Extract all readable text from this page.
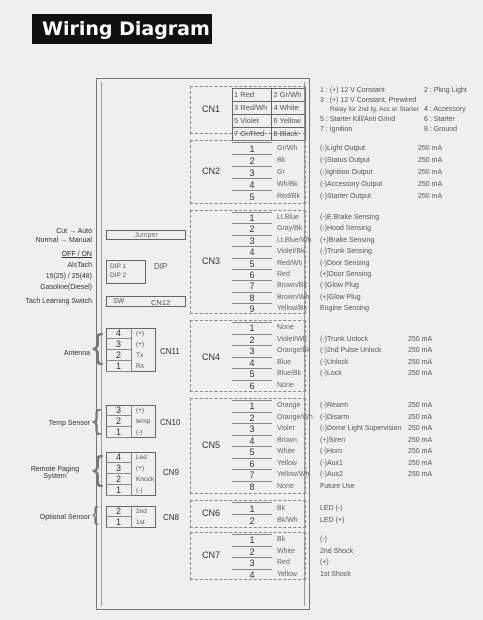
Wiring Diagram
CN1
1 Red	2 Gr/Wh
3 Red/Wh	4 White
5 Violet	6 Yellow
7 Gr/Red	8 Black
1 : (+) 12 V Constant	2 : Pkng Light
3 : (+) 12 V Constant, Prewired
Relay for 2nd Ig, Acc or Starter 4 : Accessory
5 : Starter Kill/Anti Grind	6 : Starter
7 : Ignition	8 : Ground
CN2
1	Gr/Wh	(-)Light Output	250 mA
2	Bk	(-)Status Output	250 mA
3	Gr	(-)Ignition Output	250 mA
4	Wh/Bk	(-)Accessory Output	250 mA
5	Red/Bk	(-)Starter Output	250 mA
CN3
1	Lt.Blue	(-)E.Brake Sensing
2	Gray/Bk	(-)Hood Sensing
3	Lt.Blue/Wh (+)Brake Sensing
4	Violet/Bk (-)Trunk Sensing
5	Red/Wh	(-)Door Sensing
6	Red	(+)Door Sensing
7	Brown/Bk (-)Glow Plug
8	Brown/Wh (+)Glow Plug
9	Yellow/Bk Engine Sensing
CN4
1	None
2	Violet/Wh (-)Trunk Unlock	250 mA
3	Orange/Bk (-)2nd Pulse Unlock	250 mA
4	Blue	(-)Unlock	250 mA
5	Blue/Bk	(-)Lock	250 mA
6	None
CN5
1	Orange	(-)Rearm	250 mA
2	Orange/Wh (-)Disarm	250 mA
3	Violet	(-)Dome Light Supervision 250 mA
4	Brown	(+)Siren	250 mA
5	White	(-)Horn	250 mA
6	Yellow	(-)Aux1	250 mA
7	Yellow/Wh (-)Aux2	250 mA
8	None	Future Use
CN6	1	Bk	LED (-)
2	Bk/Wh	LED (+)
CN7
1	Bk	(-)
2	White	2nd Shock
3	Red	(+)
4	Yellow	1st Shock
Cut → Auto
Normal → Manual
Jumper
OFF / ON
AlsTach
15(25) / 25(48)
Gasoline(Diesel)
DIP 1
DIP 2
DIP
Tach Learning Switch	SW	CN12
Antenna
4	(+)
3	(+)
2	Tx
1	Rx
CN11
Temp Sensor
3	(+)
2	temp
1	(-)
CN10
Remote Paging System
4	Led
3	(+)
2	Knock
1	(-)
CN9
Optional Sensor
2	2nd
1	1st
CN8
{
{
{
{
